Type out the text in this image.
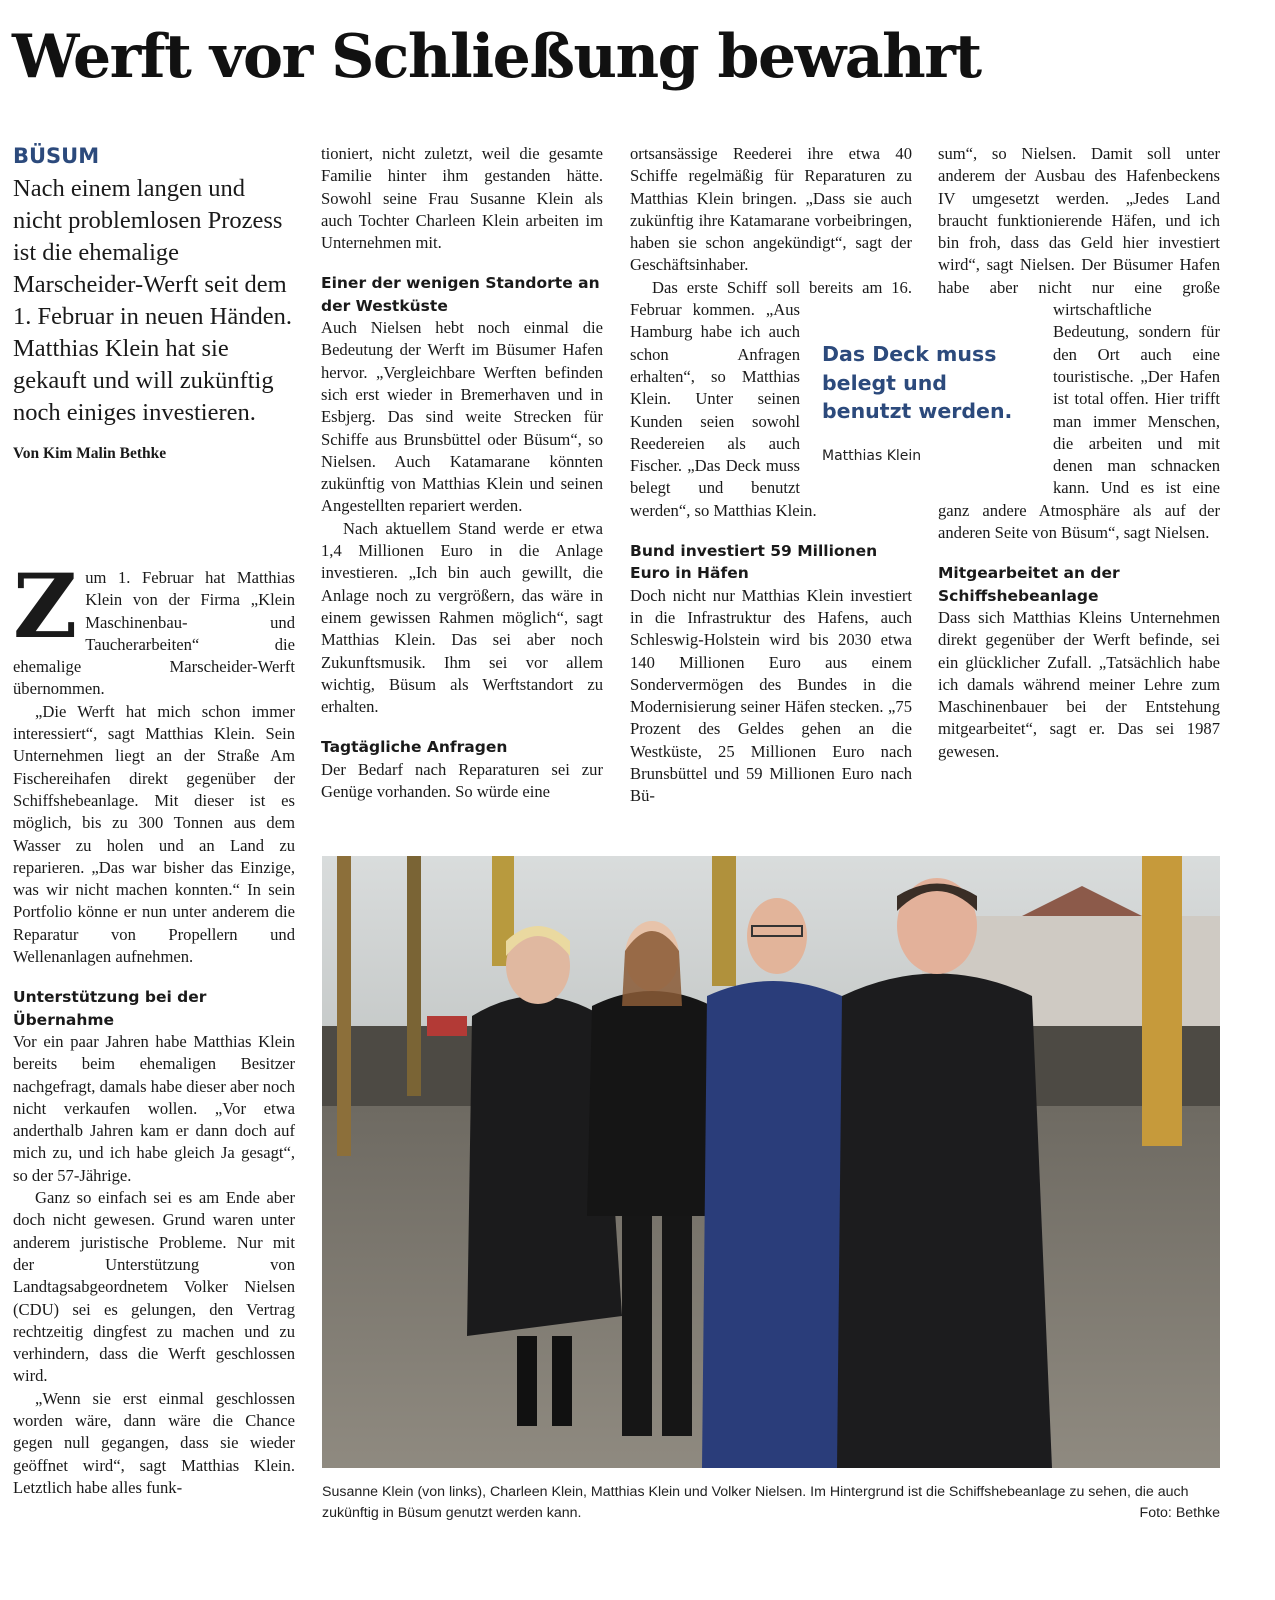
Werft vor Schließung bewahrt
BÜSUM

Nach einem langen und nicht problemlosen Prozess ist die ehemalige Marscheider-Werft seit dem 1. Februar in neuen Händen. Matthias Klein hat sie gekauft und will zukünftig noch einiges investieren.

Von Kim Malin Bethke

Zum 1. Februar hat Matthias Klein von der Firma „Klein Maschinenbau- und Taucherarbeiten“ die ehemalige Marscheider-Werft übernommen.

„Die Werft hat mich schon immer interessiert“, sagt Matthias Klein. Sein Unternehmen liegt an der Straße Am Fischereihafen direkt gegenüber der Schiffshebeanlage. Mit dieser ist es möglich, bis zu 300 Tonnen aus dem Wasser zu holen und an Land zu reparieren. „Das war bisher das Einzige, was wir nicht machen konnten.“ In sein Portfolio könne er nun unter anderem die Reparatur von Propellern und Wellenanlagen aufnehmen.

Unterstützung bei der Übernahme

Vor ein paar Jahren habe Matthias Klein bereits beim ehemaligen Besitzer nachgefragt, damals habe dieser aber noch nicht verkaufen wollen. „Vor etwa anderthalb Jahren kam er dann doch auf mich zu, und ich habe gleich Ja gesagt“, so der 57-Jährige.

Ganz so einfach sei es am Ende aber doch nicht gewesen. Grund waren unter anderem juristische Probleme. Nur mit der Unterstützung von Landtagsabgeordnetem Volker Nielsen (CDU) sei es gelungen, den Vertrag rechtzeitig dingfest zu machen und zu verhindern, dass die Werft geschlossen wird.

„Wenn sie erst einmal geschlossen worden wäre, dann wäre die Chance gegen null gegangen, dass sie wieder geöffnet wird“, sagt Matthias Klein. Letztlich habe alles funk-

tioniert, nicht zuletzt, weil die gesamte Familie hinter ihm gestanden hätte. Sowohl seine Frau Susanne Klein als auch Tochter Charleen Klein arbeiten im Unternehmen mit.

Einer der wenigen Standorte an der Westküste

Auch Nielsen hebt noch einmal die Bedeutung der Werft im Büsumer Hafen hervor. „Vergleichbare Werften befinden sich erst wieder in Bremerhaven und in Esbjerg. Das sind weite Strecken für Schiffe aus Brunsbüttel oder Büsum“, so Nielsen. Auch Katamarane könnten zukünftig von Matthias Klein und seinen Angestellten repariert werden.

Nach aktuellem Stand werde er etwa 1,4 Millionen Euro in die Anlage investieren. „Ich bin auch gewillt, die Anlage noch zu vergrößern, das wäre in einem gewissen Rahmen möglich“, sagt Matthias Klein. Das sei aber noch Zukunftsmusik. Ihm sei vor allem wichtig, Büsum als Werftstandort zu erhalten.

Tagtägliche Anfragen

Der Bedarf nach Reparaturen sei zur Genüge vorhanden. So würde eine

ortsansässige Reederei ihre etwa 40 Schiffe regelmäßig für Reparaturen zu Matthias Klein bringen. „Dass sie auch zukünftig ihre Katamarane vorbeibringen, haben sie schon angekündigt“, sagt der Geschäftsinhaber.

Das erste Schiff soll bereits am 16. Februar kommen. „Aus Hamburg habe ich auch schon Anfragen erhalten“, so Matthias Klein. Unter seinen Kunden seien sowohl Reedereien als auch Fischer. „Das Deck muss belegt und benutzt werden“, so Matthias Klein.

Bund investiert 59 Millionen Euro in Häfen

Doch nicht nur Matthias Klein investiert in die Infrastruktur des Hafens, auch Schleswig-Holstein wird bis 2030 etwa 140 Millionen Euro aus einem Sondervermögen des Bundes in die Modernisierung seiner Häfen stecken. „75 Prozent des Geldes gehen an die Westküste, 25 Millionen Euro nach Brunsbüttel und 59 Millionen Euro nach Bü-

sum“, so Nielsen. Damit soll unter anderem der Ausbau des Hafenbeckens IV umgesetzt werden. „Jedes Land braucht funktionierende Häfen, und ich bin froh, dass das Geld hier investiert wird“, sagt Nielsen. Der Büsumer Hafen habe aber nicht nur eine große wirtschaftliche Bedeutung, sondern für den Ort auch eine touristische. „Der Hafen ist total offen. Hier trifft man immer Menschen, die arbeiten und mit denen man schnacken kann. Und es ist eine ganz andere Atmosphäre als auf der anderen Seite von Büsum“, sagt Nielsen.

Mitgearbeitet an der Schiffshebeanlage

Dass sich Matthias Kleins Unternehmen direkt gegenüber der Werft befinde, sei ein glücklicher Zufall. „Tatsächlich habe ich damals während meiner Lehre zum Maschinenbauer bei der Entstehung mitgearbeitet“, sagt er. Das sei 1987 gewesen.

Das Deck muss belegt und benutzt werden.

Matthias Klein
Susanne Klein (von links), Charleen Klein, Matthias Klein und Volker Nielsen. Im Hintergrund ist die Schiffshebeanlage zu sehen, die auch zukünftig in Büsum genutzt werden kann.	Foto: Bethke
